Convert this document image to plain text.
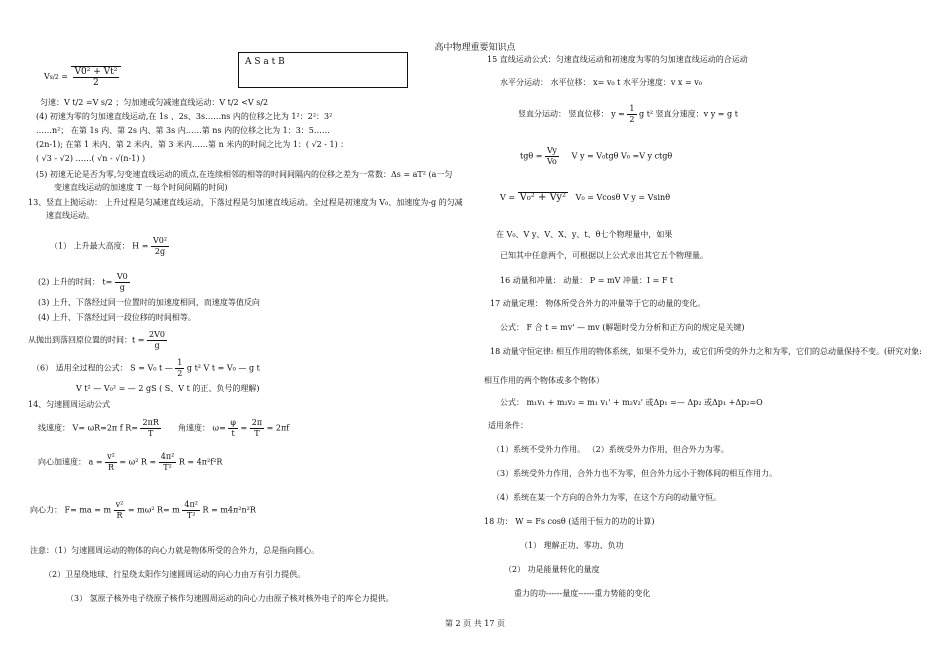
高中物理重要知识点
$Vs/2 = \frac{\text{V0² + Vt²}}{2}$
A S a t B
匀速：V t/2 =V s/2 ；匀加速或匀减速直线运动：V t/2 <V s/2
(4) 初速为零的匀加速直线运动,在 1s 、2s、3s……ns 内的位移之比为 1²：2²：3²
……n²； 在第 1s 内、第 2s 内、第 3s 内……第 ns 内的位移之比为 1：3：5……
(2n-1); 在第 1 米内、第 2 米内、第 3 米内……第 n 米内的时间之比为 1：( √2 - 1) ：
( √3 - √2) ……( √n - √(n-1) )
(5) 初速无论是否为零,匀变速直线运动的质点,在连续相邻的相等的时间间隔内的位移之差为一常数：Δs = aT² (a一匀
变速直线运动的加速度 T 一每个时间间隔的时间)
13、竖直上抛运动： 上升过程是匀减速直线运动，下落过程是匀加速直线运动。全过程是初速度为 V₀、加速度为-g 的匀减
速直线运动。
（1） 上升最大高度： $H = \frac{\text{V0²}}{2g}$
(2) 上升的时间： $t= \frac{V0}{g}$
(3) 上升、下落经过同一位置时的加速度相同，而速度等值反向
(4) 上升、下落经过同一段位移的时间相等。
从抛出到落回原位置的时间：$t = \frac{2V0}{g}$
（6） 适用全过程的公式： S = V₀ t — $\frac{1}{2}$ g t² V t = V₀ — g t
V t² — V₀² = — 2 gS ( S、V t 的正、负号的理解)
14、匀速圆周运动公式
线速度： V= ωR=2π f $R= \frac{2\pi R}{T}$ 角速度： $\omega= \frac{\varphi}{t} = \frac{2\pi}{T} = 2\pi f$
向心加速度： $a = \frac{\text{v²}}{R} = \omega^2$ $R = \frac{\text{4π²}}{\text{T²}}$ R = 4π²f²R
向心力： F= ma = m $\frac{\text{v²}}{R} = m\omega^2$ R= m $\frac{\text{4π²}}{\text{T²}}$ R = m4π²n²R
注意：（1）匀速圆周运动的物体的向心力就是物体所受的合外力，总是指向圆心。
（2）卫星绕地球、行星绕太阳作匀速圆周运动的向心力由万有引力提供。
（3） 氢原子核外电子绕原子核作匀速圆周运动的向心力由原子核对核外电子的库仑力提供。
15 直线运动公式：匀速直线运动和初速度为零的匀加速直线运动的合运动
水平分运动： 水平位移： x= v₀ t 水平分速度：v x = v₀
竖直分运动： 竖直位移： $y = \frac{1}{2}$ g t² 竖直分速度：v y = g t
$tg\theta = \frac{Vy}{Vo}$ V y = V₀tgθ V₀ =V y ctgθ
V = V₀² + Vy² V₀ = Vcosθ V y = Vsinθ
在 V₀、V y、V、X、y、t、θ七个物理量中，如果
已知其中任意两个，可根据以上公式求出其它五个物理量。
16 动量和冲量： 动量： P = mV 冲量：I = F t
17 动量定理： 物体所受合外力的冲量等于它的动量的变化。
公式： F 合 t = mv' — mv (解题时受力分析和正方向的规定是关键)
18 动量守恒定律: 相互作用的物体系统，如果不受外力，或它们所受的外力之和为零，它们的总动量保持不变。(研究对象:
相互作用的两个物体或多个物体）
公式： m₁v₁ + m₂v₂ = m₁ v₁' + m₂v₂' 或Δp₁ =— Δp₂ 或Δp₁ +Δp₂=O
适用条件：
（1）系统不受外力作用。 （2）系统受外力作用，但合外力为零。
（3）系统受外力作用，合外力也不为零，但合外力远小于物体间的相互作用力。
（4）系统在某一个方向的合外力为零，在这个方向的动量守恒。
18 功： W = Fs cosθ (适用于恒力的功的计算)
（1） 理解正功、零功、负功
（2） 功是能量转化的量度
重力的功------量度------重力势能的变化
第 2 页 共 17 页
